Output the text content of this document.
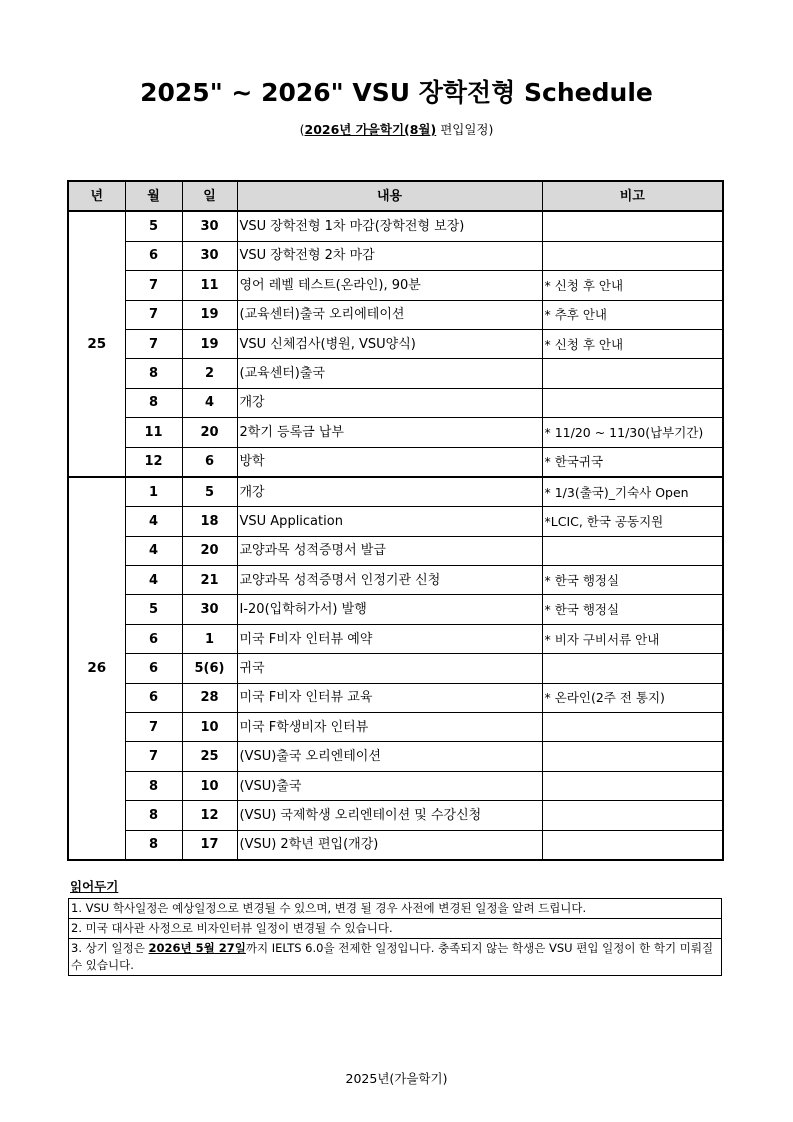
2025" ~ 2026" VSU 장학전형 Schedule
(2026년 가을학기(8월) 편입일정)
년	월	일	내용	비고
25	5	30	VSU 장학전형 1차 마감(장학전형 보장)	
	6	30	VSU 장학전형 2차 마감	
	7	11	영어 레벨 테스트(온라인), 90분	* 신청 후 안내
	7	19	(교육센터)출국 오리에테이션	* 추후 안내
	7	19	VSU 신체검사(병원, VSU양식)	* 신청 후 안내
	8	2	(교육센터)출국	
	8	4	개강	
	11	20	2학기 등록금 납부	* 11/20 ~ 11/30(납부기간)
	12	6	방학	* 한국귀국
26	1	5	개강	* 1/3(출국)_기숙사 Open
	4	18	VSU Application	*LCIC, 한국 공동지원
	4	20	교양과목 성적증명서 발급	
	4	21	교양과목 성적증명서 인정기관 신청	* 한국 행정실
	5	30	I-20(입학허가서) 발행	* 한국 행정실
	6	1	미국 F비자 인터뷰 예약	* 비자 구비서류 안내
	6	5(6)	귀국	
	6	28	미국 F비자 인터뷰 교육	* 온라인(2주 전 통지)
	7	10	미국 F학생비자 인터뷰	
	7	25	(VSU)출국 오리엔테이션	
	8	10	(VSU)출국	
	8	12	(VSU) 국제학생 오리엔테이션 및 수강신청	
	8	17	(VSU) 2학년 편입(개강)	
읽어두기
1. VSU 학사일정은 예상일정으로 변경될 수 있으며, 변경 될 경우 사전에 변경된 일정을 알려 드립니다.
2. 미국 대사관 사정으로 비자인터뷰 일정이 변경될 수 있습니다.
3. 상기 일정은 2026년 5월 27일까지 IELTS 6.0을 전제한 일정입니다. 충족되지 않는 학생은 VSU 편입 일정이 한 학기 미뤄질 수 있습니다.
2025년(가을학기)
